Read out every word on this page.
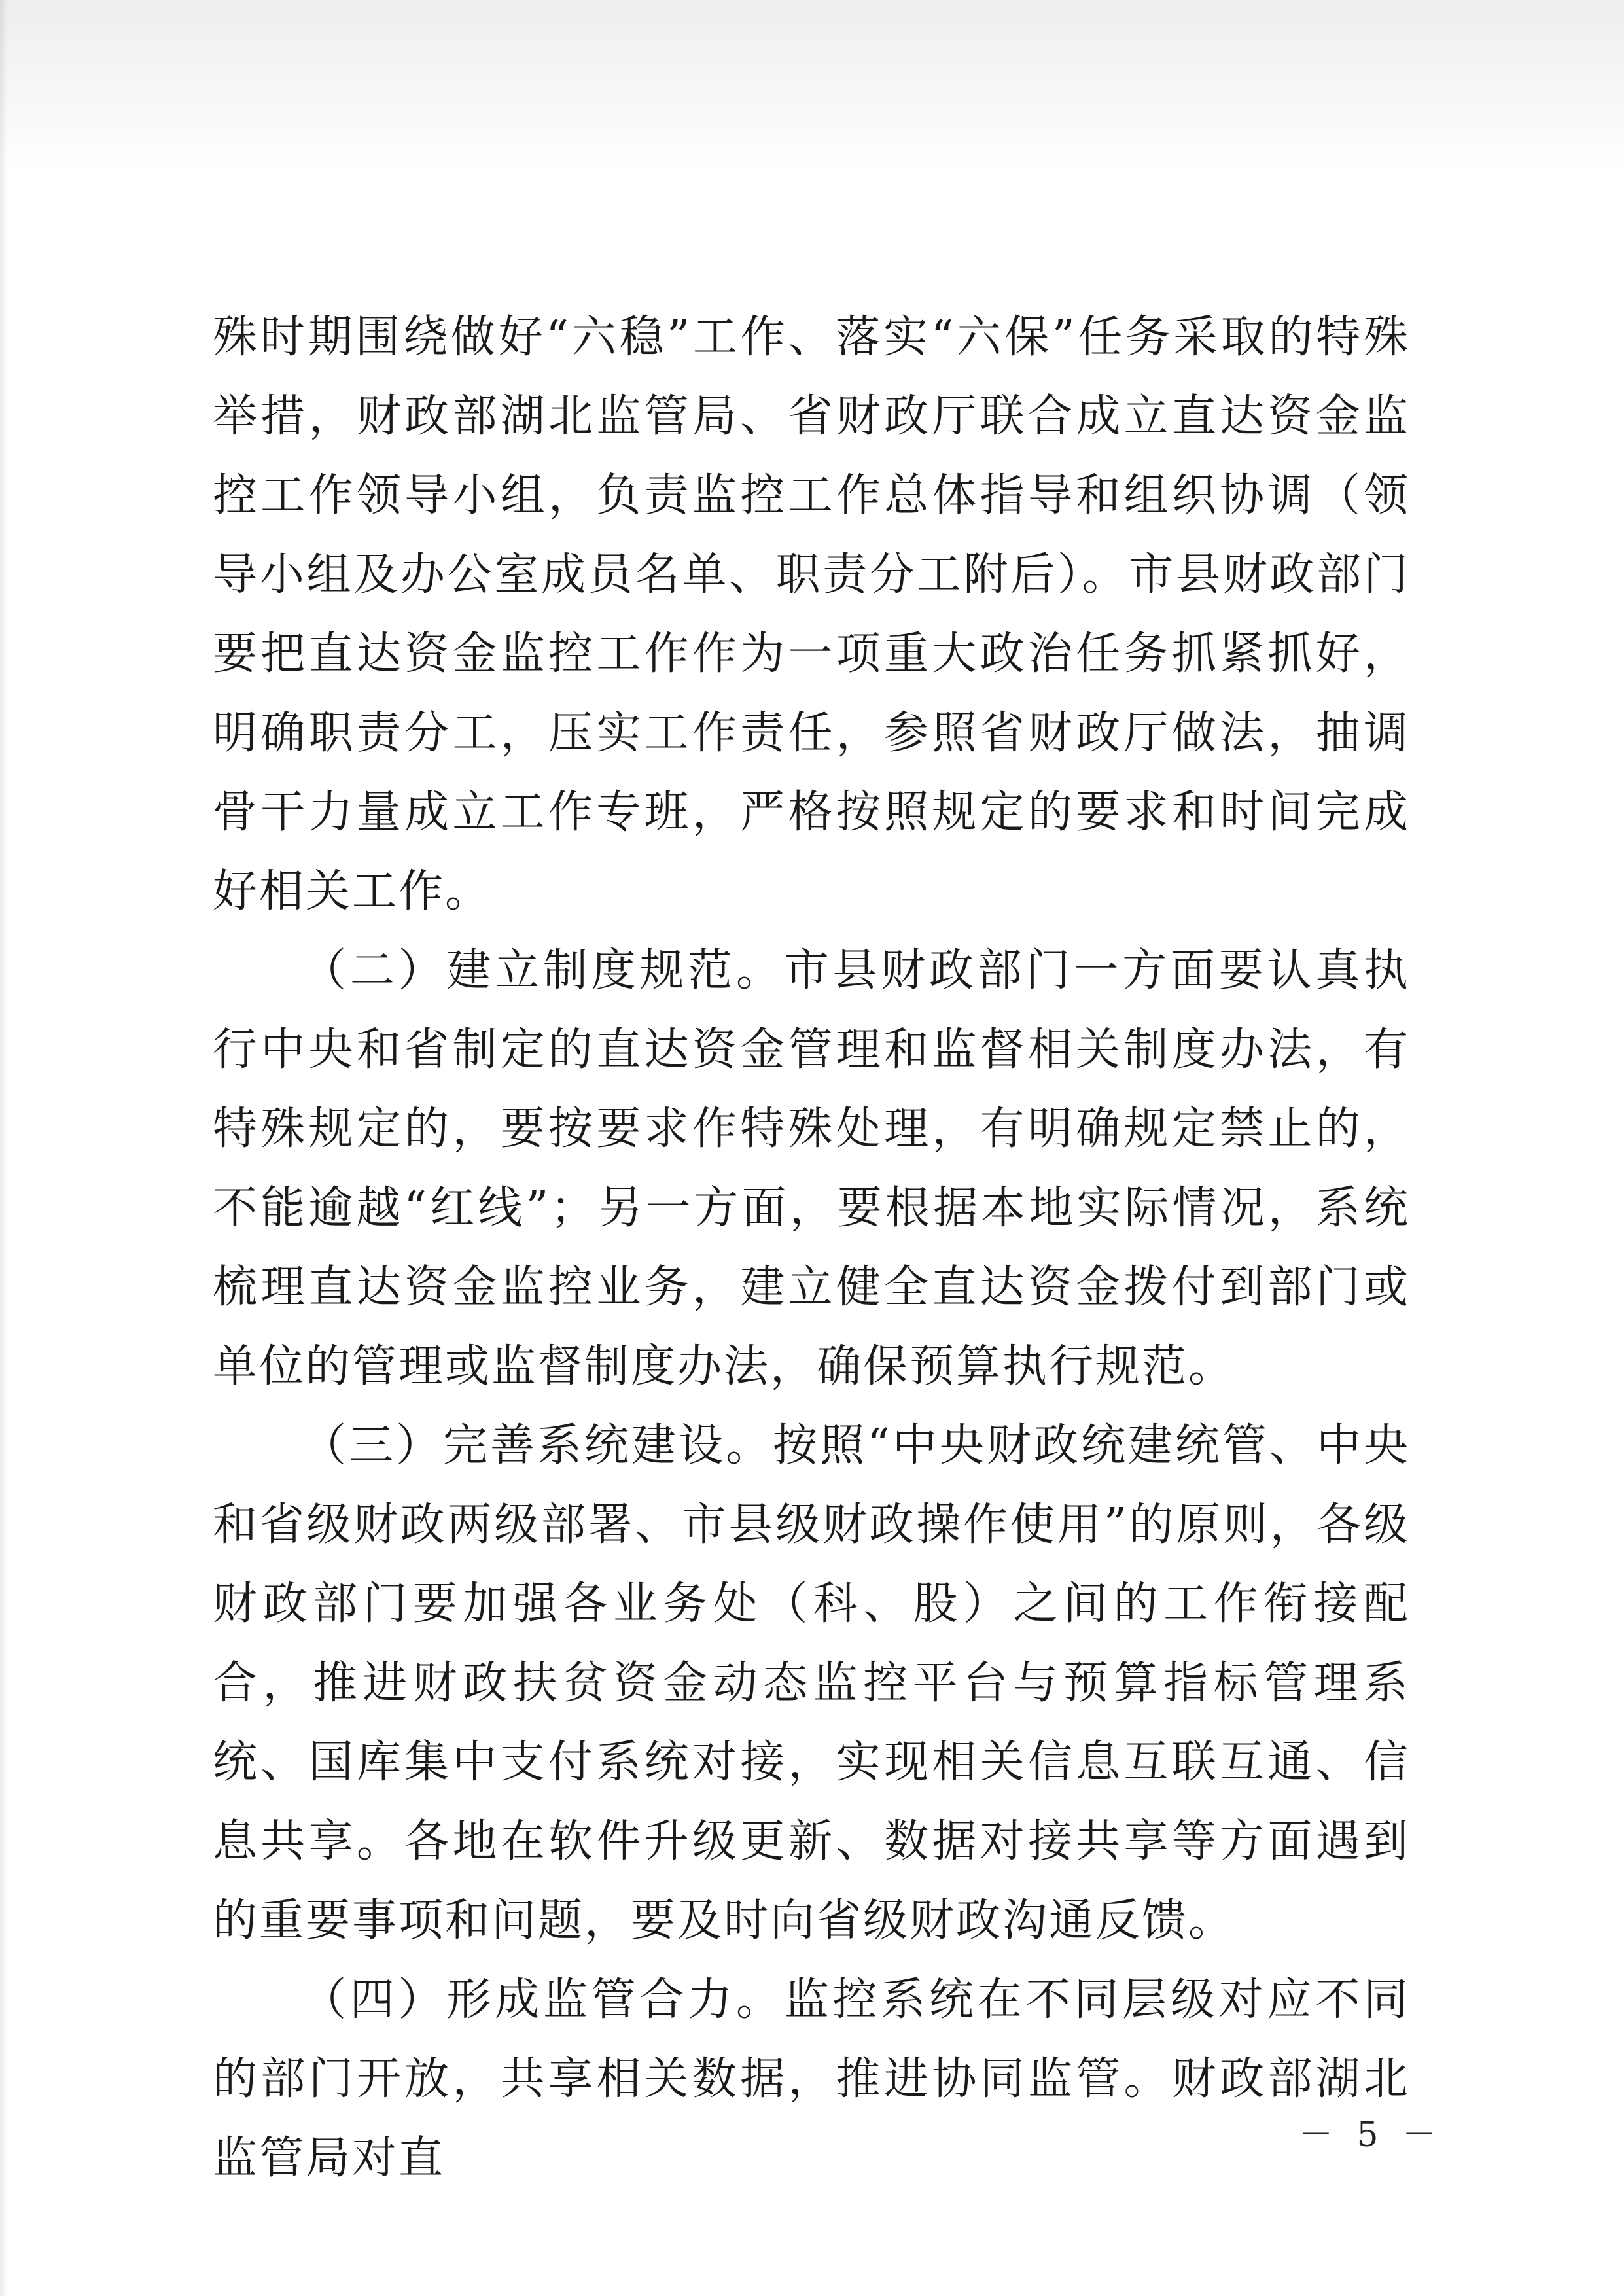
殊时期围绕做好“六稳”工作、落实“六保”任务采取的特殊举措，财政部湖北监管局、省财政厅联合成立直达资金监控工作领导小组，负责监控工作总体指导和组织协调（领导小组及办公室成员名单、职责分工附后）。市县财政部门要把直达资金监控工作作为一项重大政治任务抓紧抓好，明确职责分工，压实工作责任，参照省财政厅做法，抽调骨干力量成立工作专班，严格按照规定的要求和时间完成好相关工作。

（二）建立制度规范。市县财政部门一方面要认真执行中央和省制定的直达资金管理和监督相关制度办法，有特殊规定的，要按要求作特殊处理，有明确规定禁止的，不能逾越“红线”；另一方面，要根据本地实际情况，系统梳理直达资金监控业务，建立健全直达资金拨付到部门或单位的管理或监督制度办法，确保预算执行规范。

（三）完善系统建设。按照“中央财政统建统管、中央和省级财政两级部署、市县级财政操作使用”的原则，各级财政部门要加强各业务处（科、股）之间的工作衔接配合，推进财政扶贫资金动态监控平台与预算指标管理系统、国库集中支付系统对接，实现相关信息互联互通、信息共享。各地在软件升级更新、数据对接共享等方面遇到的重要事项和问题，要及时向省级财政沟通反馈。

（四）形成监管合力。监控系统在不同层级对应不同的部门开放，共享相关数据，推进协同监管。财政部湖北监管局对直	－ 5 －
